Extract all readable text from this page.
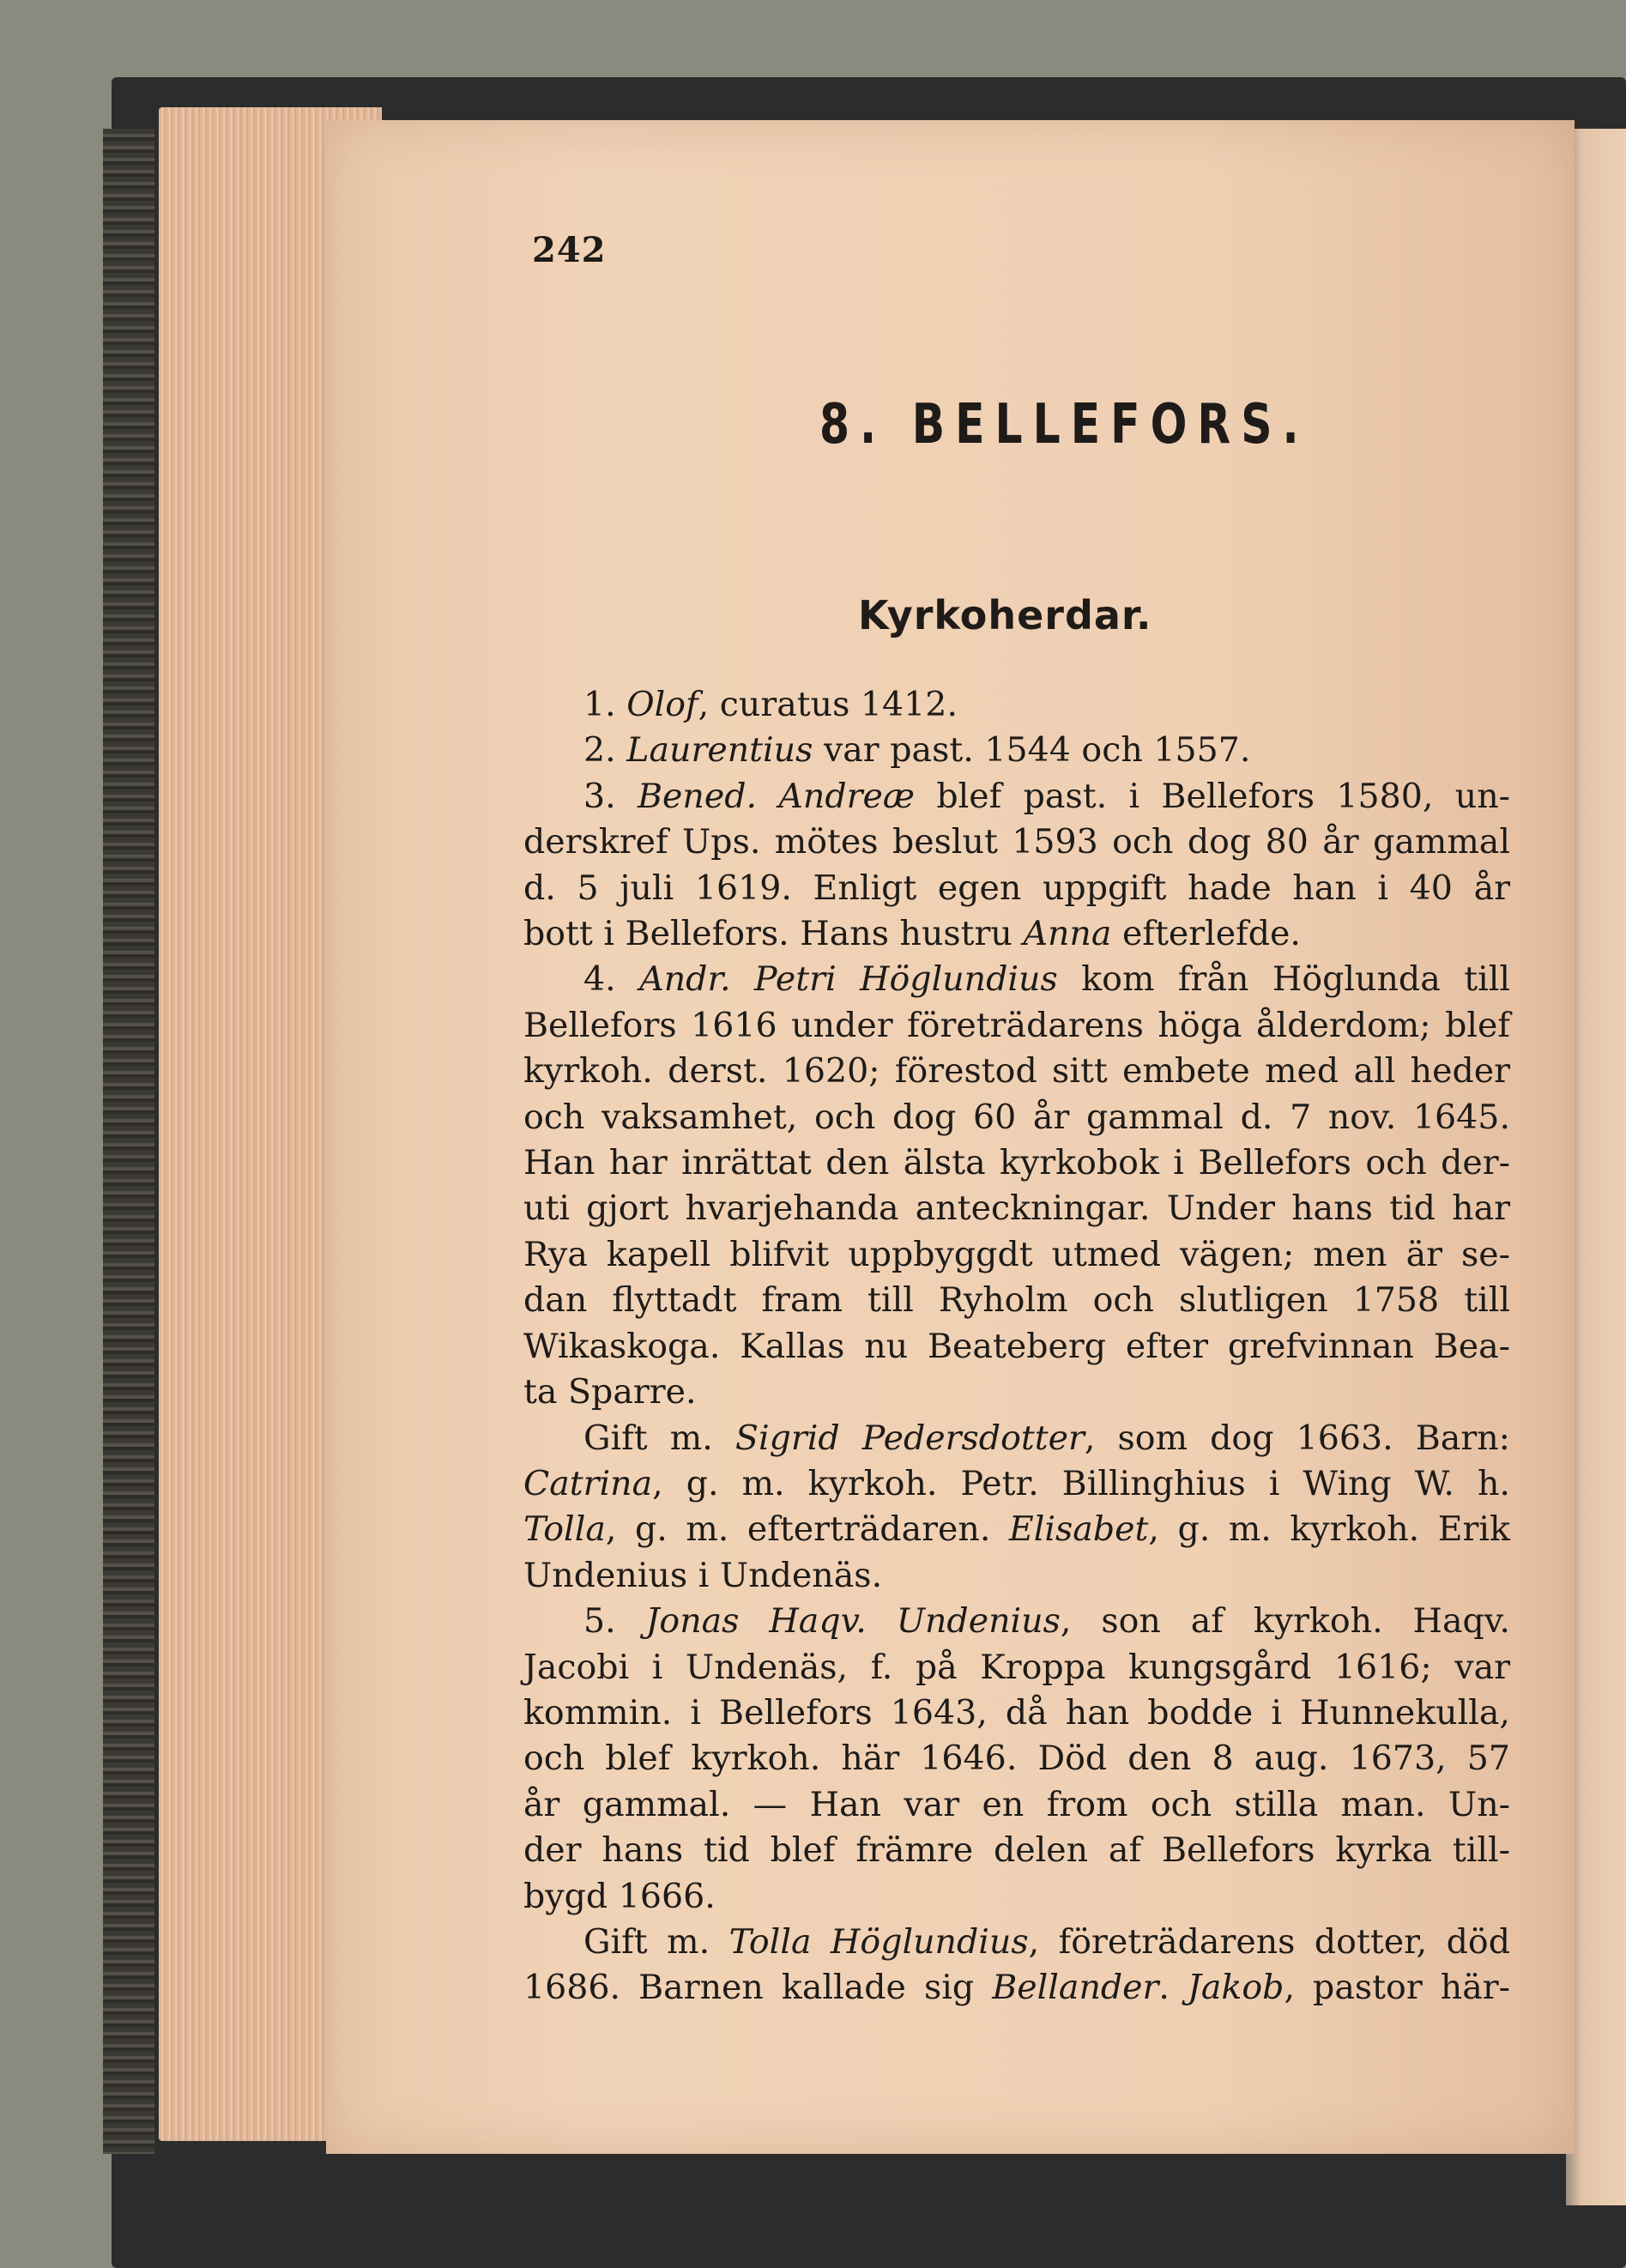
242
8. BELLEFORS.
Kyrkoherdar.
1. Olof, curatus 1412.
2. Laurentius var past. 1544 och 1557.
3. Bened. Andreæ blef past. i Bellefors 1580, un-
derskref Ups. mötes beslut 1593 och dog 80 år gammal
d. 5 juli 1619. Enligt egen uppgift hade han i 40 år
bott i Bellefors. Hans hustru Anna efterlefde.
4. Andr. Petri Höglundius kom från Höglunda till
Bellefors 1616 under företrädarens höga ålderdom; blef
kyrkoh. derst. 1620; förestod sitt embete med all heder
och vaksamhet, och dog 60 år gammal d. 7 nov. 1645.
Han har inrättat den älsta kyrkobok i Bellefors och der-
uti gjort hvarjehanda anteckningar. Under hans tid har
Rya kapell blifvit uppbyggdt utmed vägen; men är se-
dan flyttadt fram till Ryholm och slutligen 1758 till
Wikaskoga. Kallas nu Beateberg efter grefvinnan Bea-
ta Sparre.
Gift m. Sigrid Pedersdotter, som dog 1663. Barn:
Catrina, g. m. kyrkoh. Petr. Billinghius i Wing W. h.
Tolla, g. m. efterträdaren. Elisabet, g. m. kyrkoh. Erik
Undenius i Undenäs.
5. Jonas Haqv. Undenius, son af kyrkoh. Haqv.
Jacobi i Undenäs, f. på Kroppa kungsgård 1616; var
kommin. i Bellefors 1643, då han bodde i Hunnekulla,
och blef kyrkoh. här 1646. Död den 8 aug. 1673, 57
år gammal. — Han var en from och stilla man. Un-
der hans tid blef främre delen af Bellefors kyrka till-
bygd 1666.
Gift m. Tolla Höglundius, företrädarens dotter, död
1686. Barnen kallade sig Bellander. Jakob, pastor här-
